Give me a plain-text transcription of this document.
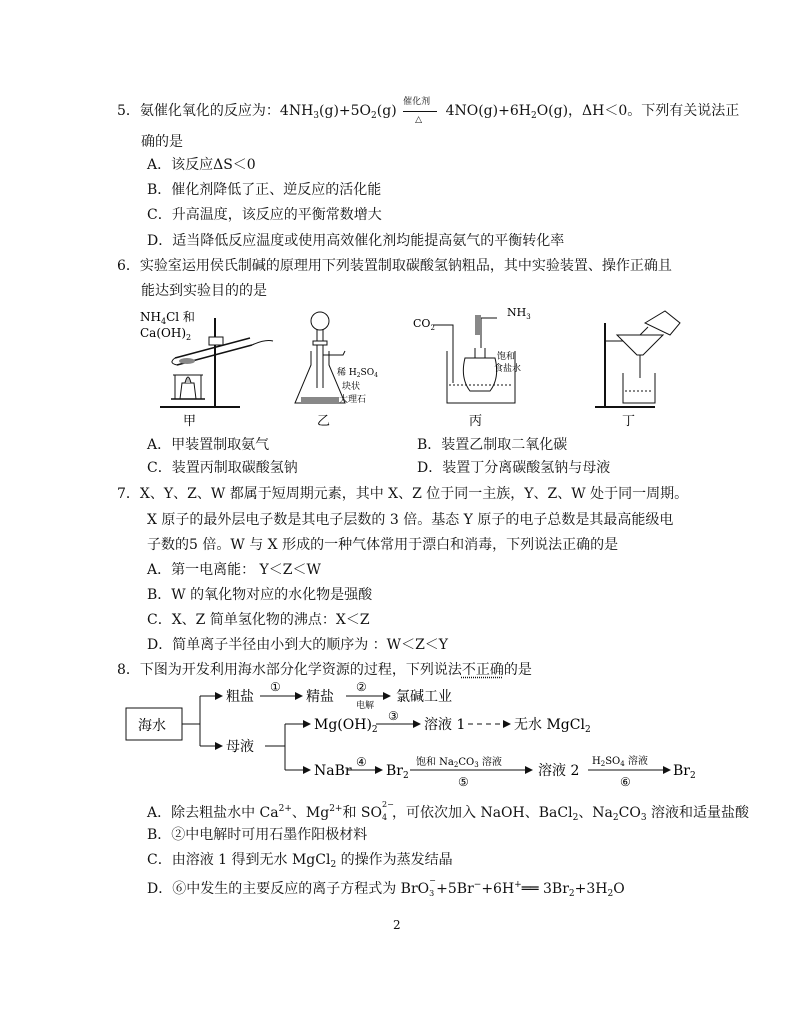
5．氨催化氧化的反应为：$4NH_3(g)+5O_2(g)$
催化剂
△
$4NO(g)+6H_2O(g)$，ΔH＜0。下列有关说法正
确的是
A．该反应ΔS＜0
B．催化剂降低了正、逆反应的活化能
C．升高温度，该反应的平衡常数增大
D．适当降低反应温度或使用高效催化剂均能提高氨气的平衡转化率
6．实验室运用侯氏制碱的原理用下列装置制取碳酸氢钠粗品，其中实验装置、操作正确且
能达到实验目的的是
$NH_4Cl$ 和
$Ca(OH)_2$
甲
稀 $H_2SO_4$
块状
大理石
乙
$CO_2$
$NH_3$
饱和
食盐水
丙	丁
A．甲装置制取氨气	B．装置乙制取二氧化碳
C．装置丙制取碳酸氢钠	D．装置丁分离碳酸氢钠与母液
7．X、Y、Z、W 都属于短周期元素，其中 X、Z 位于同一主族，Y、Z、W 处于同一周期。
X 原子的最外层电子数是其电子层数的 3 倍。基态 Y 原子的电子总数是其最高能级电
子数的5 倍。W 与 X 形成的一种气体常用于漂白和消毒，下列说法正确的是
A．第一电离能： Y＜Z＜W
B．W 的氧化物对应的水化物是强酸
C．X、Z 简单氢化物的沸点：X＜Z
D．简单离子半径由小到大的顺序为 ：W＜Z＜Y
8．下图为开发利用海水部分化学资源的过程，下列说法不正确的是
海水
粗盐
①
精盐
②
电解
氯碱工业
母液
$Mg(OH)_2$
③
溶液 1	无水 MgCl$_2$
NaBr
④
$Br_2$
饱和 $Na_2CO_3$ 溶液
⑤
溶液 2
$H_2SO_4$ 溶液
⑥
$Br_2$
A．除去粗盐水中 $Ca^{2+}$、$Mg^{2+}$和 SO
2−
4 ，可依次加入 NaOH、BaCl$_2$、$Na_2CO_3$ 溶液和适量盐酸
B．②中电解时可用石墨作阳极材料
C．由溶液 1 得到无水 MgCl$_2$ 的操作为蒸发结晶
D．⑥中发生的主要反应的离子方程式为 BrO
−
3 +5Br−+6H+══ $3Br_2+3H_2O$
2
